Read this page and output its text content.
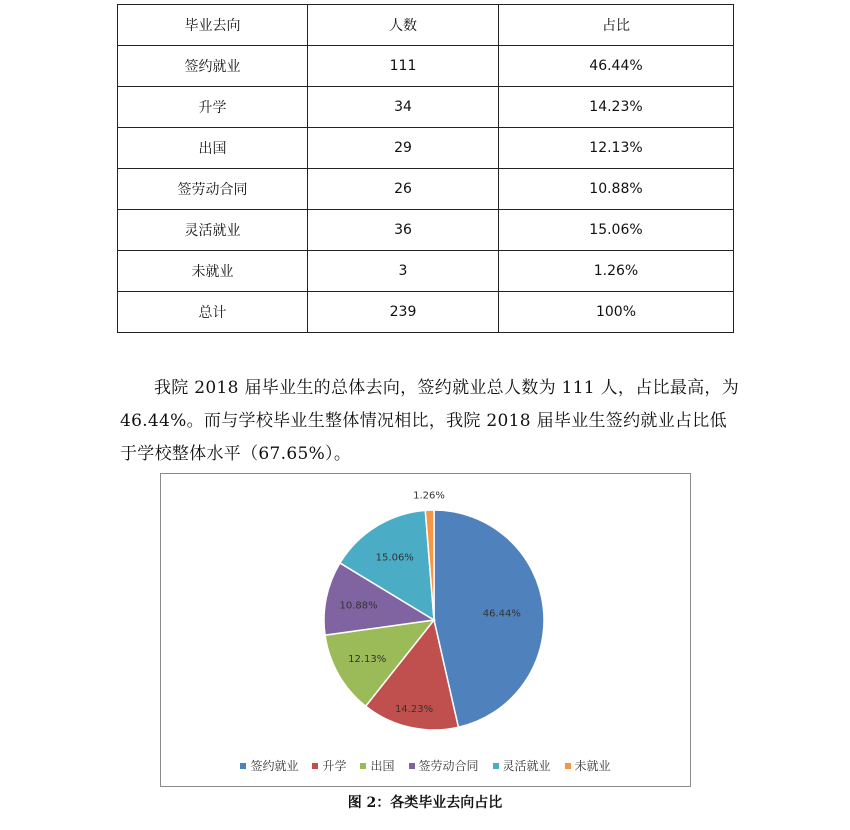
毕业去向	人数	占比
签约就业	111	46.44%
升学	34	14.23%
出国	29	12.13%
签劳动合同	26	10.88%
灵活就业	36	15.06%
未就业	3	1.26%
总计	239	100%

我院 2018 届毕业生的总体去向，签约就业总人数为 111 人，占比最高，为 46.44%。而与学校毕业生整体情况相比，我院 2018 届毕业生签约就业占比低于学校整体水平（67.65%）。

46.44%
14.23%
12.13%
10.88%
15.06%
1.26%
签约就业 升学 出国 签劳动合同 灵活就业 未就业
图 2：各类毕业去向占比
